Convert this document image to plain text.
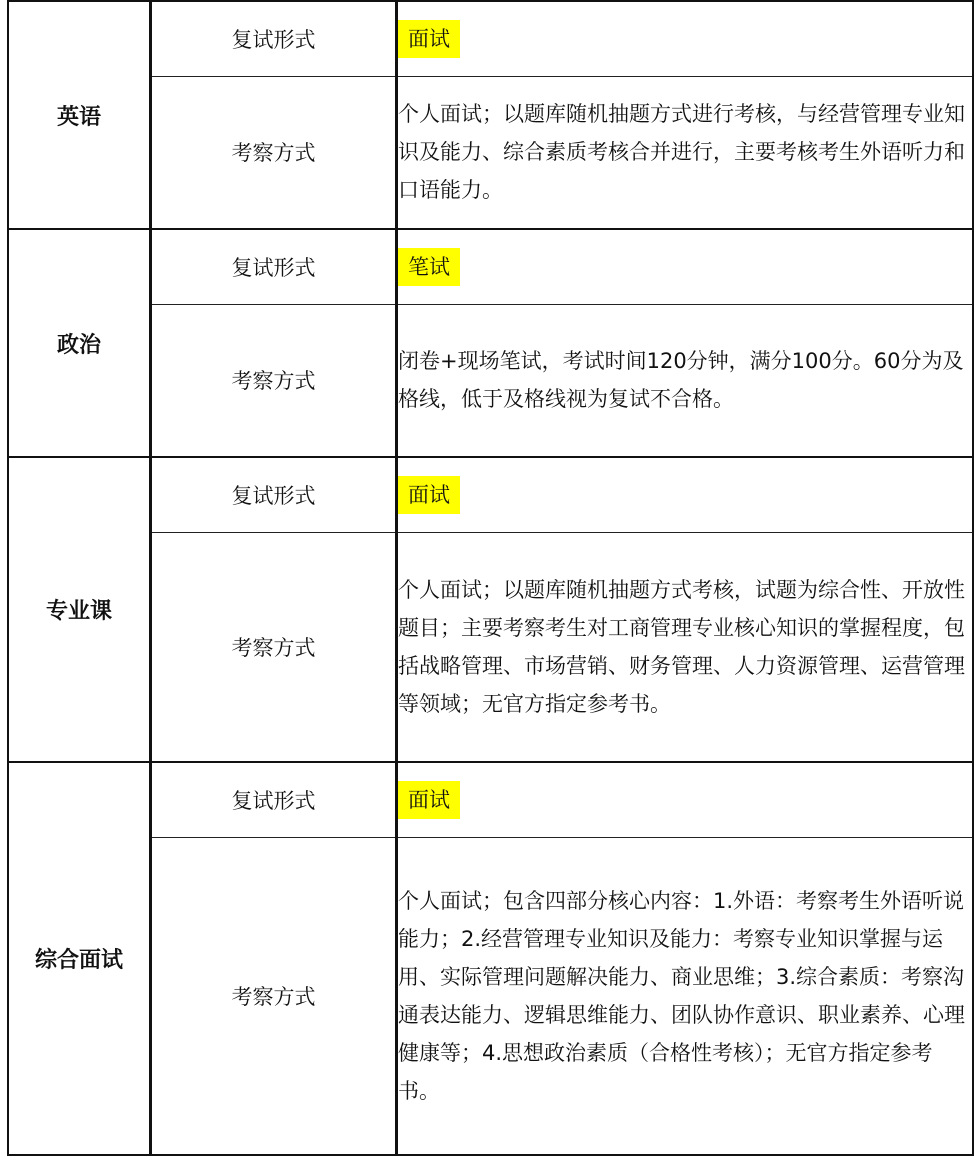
英语	复试形式	面试
	考察方式	个人面试；以题库随机抽题方式进行考核，与经营管理专业知识及能力、综合素质考核合并进行，主要考核考生外语听力和口语能力。

政治	复试形式	笔试
	考察方式	闭卷+现场笔试，考试时间120分钟，满分100分。60分为及格线，低于及格线视为复试不合格。

专业课	复试形式	面试
	考察方式	个人面试；以题库随机抽题方式考核，试题为综合性、开放性题目；主要考察考生对工商管理专业核心知识的掌握程度，包括战略管理、市场营销、财务管理、人力资源管理、运营管理等领域；无官方指定参考书。

综合面试	复试形式	面试
	考察方式	个人面试；包含四部分核心内容：1.外语：考察考生外语听说能力；2.经营管理专业知识及能力：考察专业知识掌握与运用、实际管理问题解决能力、商业思维；3.综合素质：考察沟通表达能力、逻辑思维能力、团队协作意识、职业素养、心理健康等；4.思想政治素质（合格性考核）；无官方指定参考书。
